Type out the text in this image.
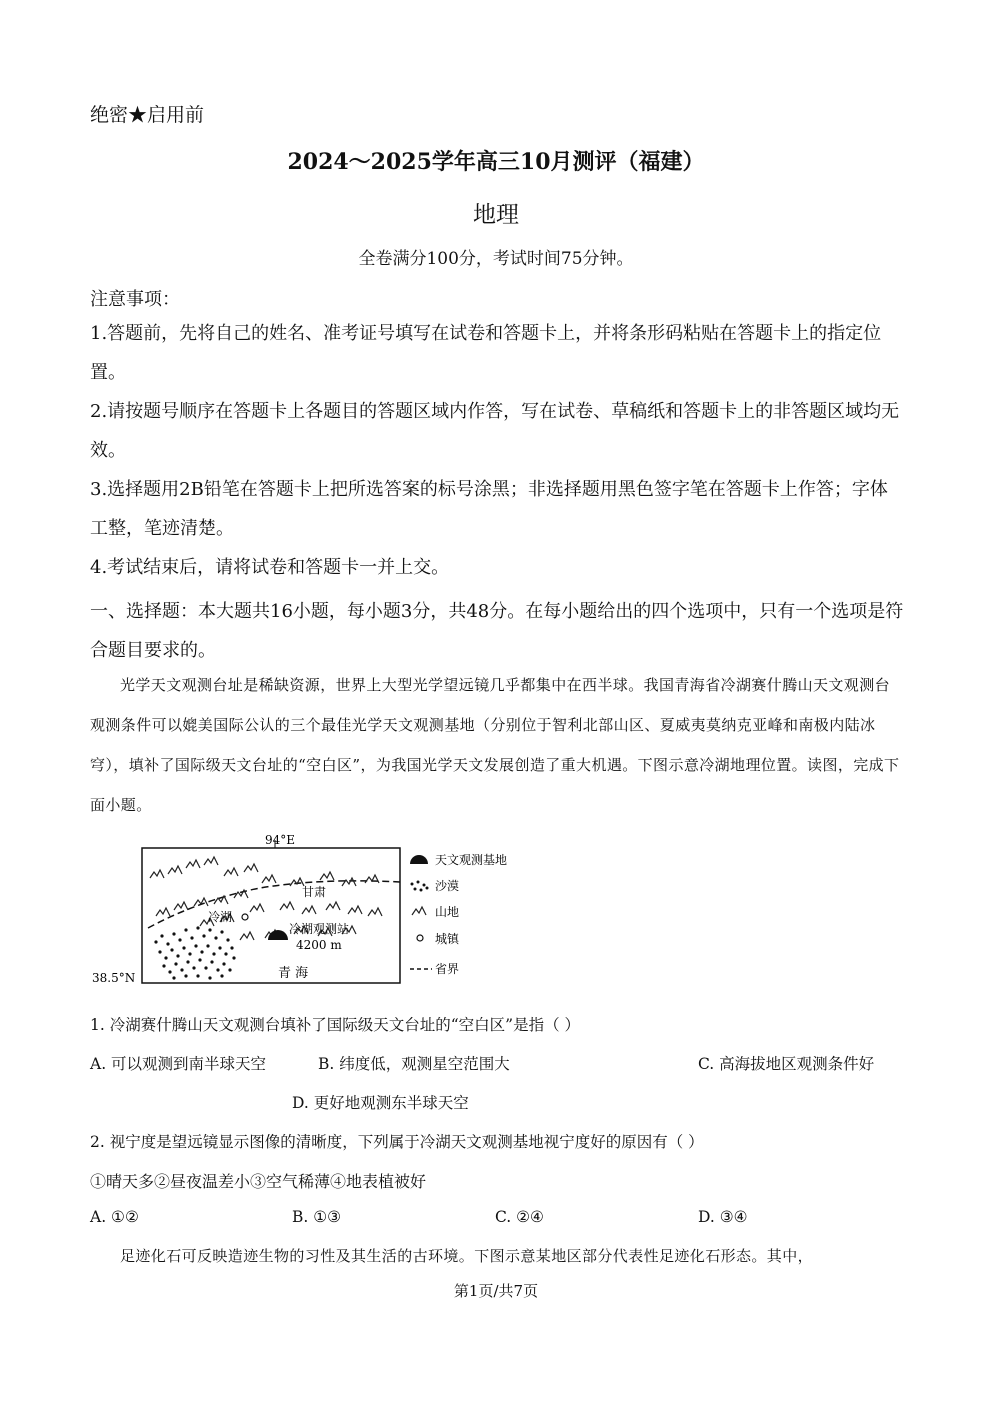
绝密★启用前
2024～2025学年高三10月测评（福建）
地理
全卷满分100分，考试时间75分钟。
注意事项：
1.答题前，先将自己的姓名、准考证号填写在试卷和答题卡上，并将条形码粘贴在答题卡上的指定位置。
2.请按题号顺序在答题卡上各题目的答题区域内作答，写在试卷、草稿纸和答题卡上的非答题区域均无效。
3.选择题用2B铅笔在答题卡上把所选答案的标号涂黑；非选择题用黑色签字笔在答题卡上作答；字体工整，笔迹清楚。
4.考试结束后，请将试卷和答题卡一并上交。
一、选择题：本大题共16小题，每小题3分，共48分。在每小题给出的四个选项中，只有一个选项是符合题目要求的。
光学天文观测台址是稀缺资源，世界上大型光学望远镜几乎都集中在西半球。我国青海省冷湖赛什腾山天文观测台观测条件可以媲美国际公认的三个最佳光学天文观测基地（分别位于智利北部山区、夏威夷莫纳克亚峰和南极内陆冰穹），填补了国际级天文台址的“空白区”，为我国光学天文发展创造了重大机遇。下图示意冷湖地理位置。读图，完成下面小题。
94°E
38.5°N
冷湖
冷湖观测站
4200 m
甘肃
青 海
天文观测基地
沙漠
山地
城镇
省界
1. 冷湖赛什腾山天文观测台填补了国际级天文台址的“空白区”是指（ ）
A. 可以观测到南半球天空	B. 纬度低，观测星空范围大	C. 高海拔地区观测条件好
D. 更好地观测东半球天空
2. 视宁度是望远镜显示图像的清晰度，下列属于冷湖天文观测基地视宁度好的原因有（ ）
①晴天多②昼夜温差小③空气稀薄④地表植被好
A. ①②	B. ①③	C. ②④	D. ③④
足迹化石可反映造迹生物的习性及其生活的古环境。下图示意某地区部分代表性足迹化石形态。其中，
第1页/共7页
